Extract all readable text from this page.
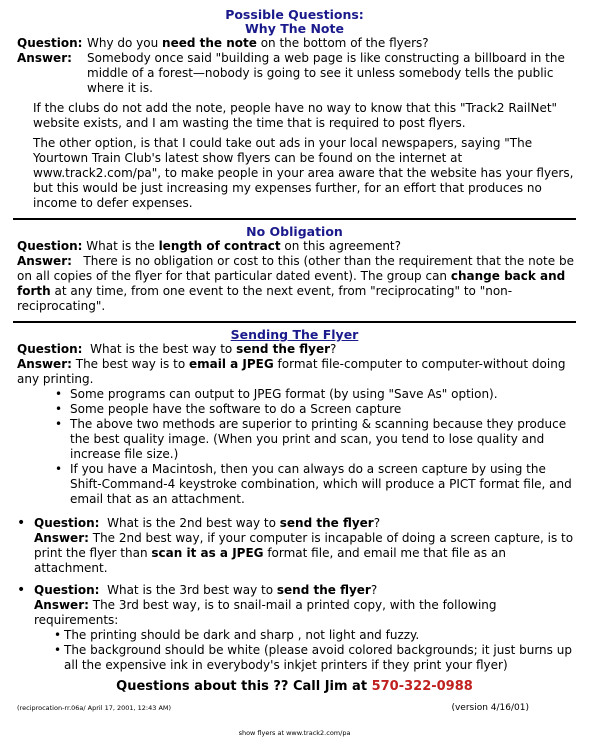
Possible Questions:
Why The Note
Question: Why do you need the note on the bottom of the flyers?
Answer:	Somebody once said "building a web page is like constructing a billboard in the middle of a forest—nobody is going to see it unless somebody tells the public where it is.
If the clubs do not add the note, people have no way to know that this "Track2 RailNet" website exists, and I am wasting the time that is required to post flyers.
The other option, is that I could take out ads in your local newspapers, saying "The Yourtown Train Club's latest show flyers can be found on the internet at www.track2.com/pa", to make people in your area aware that the website has your flyers, but this would be just increasing my expenses further, for an effort that produces no income to defer expenses.
No Obligation
Question: What is the length of contract on this agreement?
Answer: There is no obligation or cost to this (other than the requirement that the note be on all copies of the flyer for that particular dated event). The group can change back and forth at any time, from one event to the next event, from "reciprocating" to "non-reciprocating".
Sending The Flyer
Question: What is the best way to send the flyer?
Answer: The best way is to email a JPEG format file-computer to computer-without doing any printing.
• Some programs can output to JPEG format (by using "Save As" option).
• Some people have the software to do a Screen capture
• The above two methods are superior to printing & scanning because they produce the best quality image. (When you print and scan, you tend to lose quality and increase file size.)
• If you have a Macintosh, then you can always do a screen capture by using the Shift-Command-4 keystroke combination, which will produce a PICT format file, and email that as an attachment.
• Question: What is the 2nd best way to send the flyer?
Answer: The 2nd best way, if your computer is incapable of doing a screen capture, is to print the flyer than scan it as a JPEG format file, and email me that file as an attachment.
• Question: What is the 3rd best way to send the flyer?
Answer: The 3rd best way, is to snail-mail a printed copy, with the following requirements:
• The printing should be dark and sharp , not light and fuzzy.
• The background should be white (please avoid colored backgrounds; it just burns up all the expensive ink in everybody's inkjet printers if they print your flyer)
Questions about this ?? Call Jim at 570-322-0988
(reciprocation-rr.06a/ April 17, 2001, 12:43 AM)	(version 4/16/01)
show flyers at www.track2.com/pa
